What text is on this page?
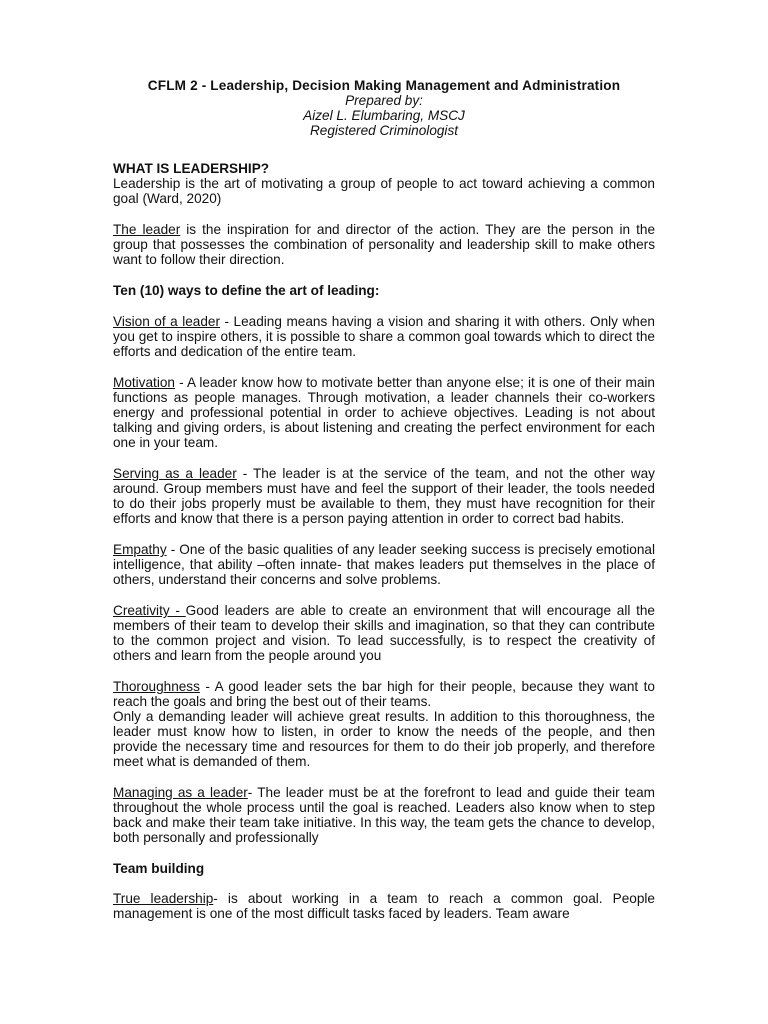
CFLM 2 - Leadership, Decision Making Management and Administration
Prepared by:
Aizel L. Elumbaring, MSCJ
Registered Criminologist
WHAT IS LEADERSHIP?

Leadership is the art of motivating a group of people to act toward achieving a common goal (Ward, 2020)

The leader is the inspiration for and director of the action. They are the person in the group that possesses the combination of personality and leadership skill to make others want to follow their direction.

Ten (10) ways to define the art of leading:

Vision of a leader - Leading means having a vision and sharing it with others. Only when you get to inspire others, it is possible to share a common goal towards which to direct the efforts and dedication of the entire team.

Motivation - A leader know how to motivate better than anyone else; it is one of their main functions as people manages. Through motivation, a leader channels their co-workers energy and professional potential in order to achieve objectives. Leading is not about talking and giving orders, is about listening and creating the perfect environment for each one in your team.

Serving as a leader - The leader is at the service of the team, and not the other way around. Group members must have and feel the support of their leader, the tools needed to do their jobs properly must be available to them, they must have recognition for their efforts and know that there is a person paying attention in order to correct bad habits.

Empathy - One of the basic qualities of any leader seeking success is precisely emotional intelligence, that ability –often innate- that makes leaders put themselves in the place of others, understand their concerns and solve problems.

Creativity - Good leaders are able to create an environment that will encourage all the members of their team to develop their skills and imagination, so that they can contribute to the common project and vision. To lead successfully, is to respect the creativity of others and learn from the people around you

Thoroughness - A good leader sets the bar high for their people, because they want to reach the goals and bring the best out of their teams.

Only a demanding leader will achieve great results. In addition to this thoroughness, the leader must know how to listen, in order to know the needs of the people, and then provide the necessary time and resources for them to do their job properly, and therefore meet what is demanded of them.

Managing as a leader- The leader must be at the forefront to lead and guide their team throughout the whole process until the goal is reached. Leaders also know when to step back and make their team take initiative. In this way, the team gets the chance to develop, both personally and professionally

Team building

True leadership- is about working in a team to reach a common goal. People management is one of the most difficult tasks faced by leaders. Team aware
